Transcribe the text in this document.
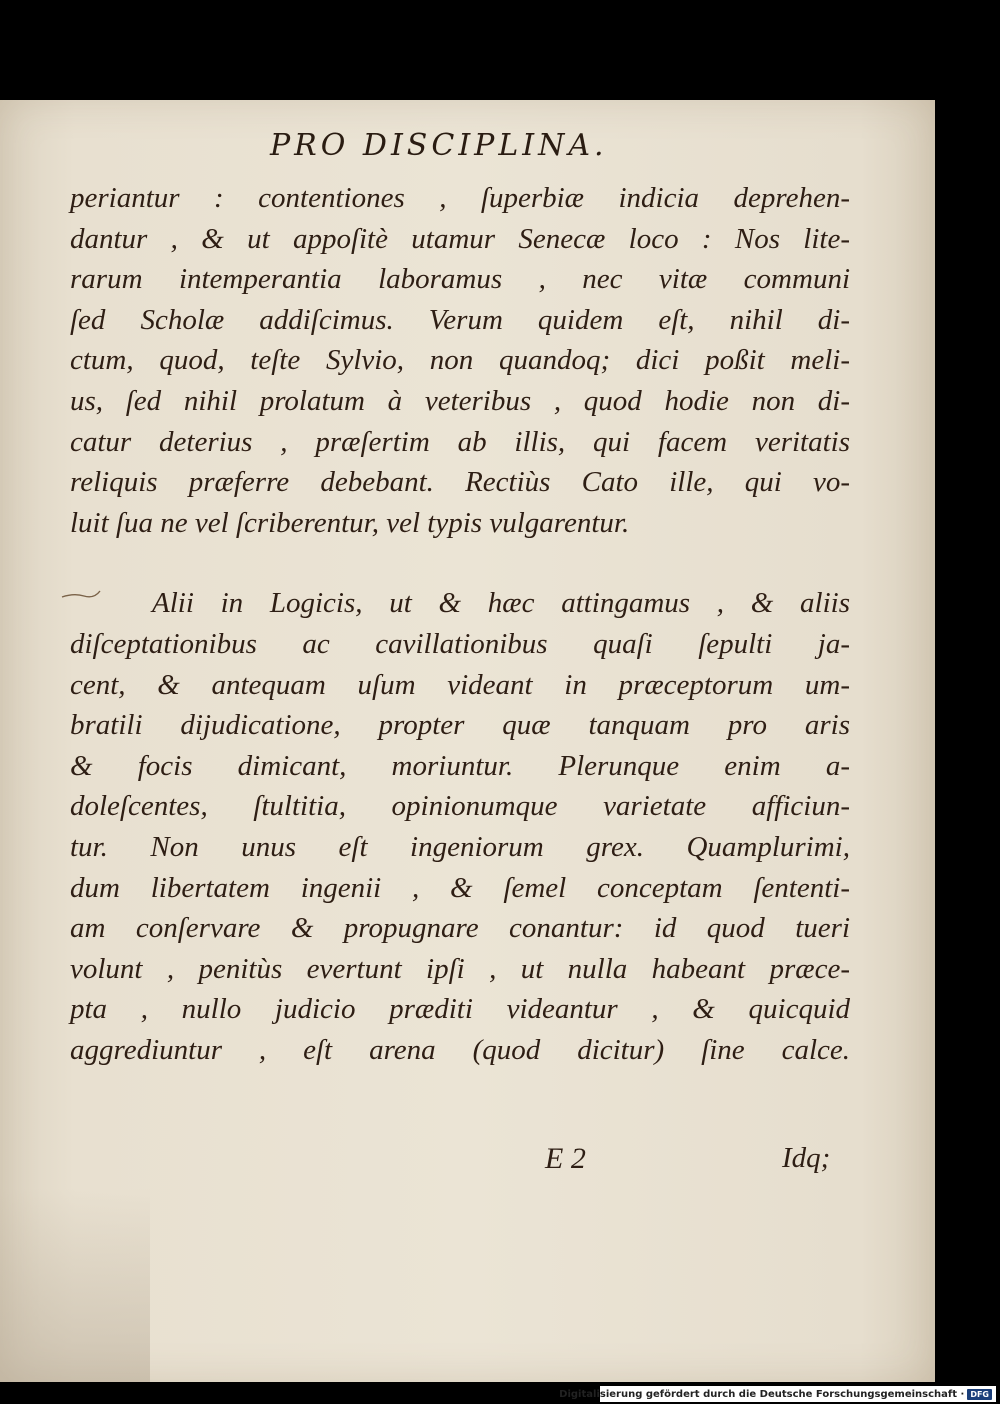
PRO DISCIPLINA.
periantur : contentiones , ſuperbiæ indicia deprehen-
dantur , & ut appoſitè utamur Senecæ loco : Nos lite-
rarum intemperantia laboramus , nec vitæ communi
ſed Scholæ addiſcimus. Verum quidem eſt, nihil di-
ctum, quod, teſte Sylvio, non quandoq; dici poßit meli-
us, ſed nihil prolatum à veteribus , quod hodie non di-
catur deterius , præſertim ab illis, qui facem veritatis
reliquis præferre debebant. Rectiùs Cato ille, qui vo-
luit ſua ne vel ſcriberentur, vel typis vulgarentur.
Alii in Logicis, ut & hæc attingamus , & aliis
diſceptationibus ac cavillationibus quaſi ſepulti ja-
cent, & antequam uſum videant in præceptorum um-
bratili dijudicatione, propter quæ tanquam pro aris
& focis dimicant, moriuntur. Plerunque enim a-
doleſcentes, ſtultitia, opinionumque varietate afficiun-
tur. Non unus eſt ingeniorum grex. Quamplurimi,
dum libertatem ingenii , & ſemel conceptam ſententi-
am conſervare & propugnare conantur: id quod tueri
volunt , penitùs evertunt ipſi , ut nulla habeant præce-
pta , nullo judicio præditi videantur , & quicquid
aggrediuntur , eſt arena (quod dicitur) ſine calce.
E 2	Idq;
Digitalisierung gefördert durch die Deutsche Forschungsgemeinschaft · DFG
